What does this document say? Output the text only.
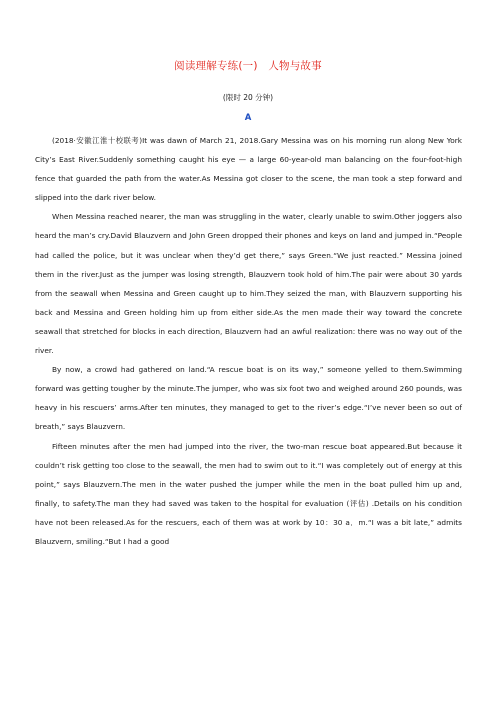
阅读理解专练(一)　人物与故事
(限时 20 分钟)
A

(2018·安徽江淮十校联考)It was dawn of March 21, 2018.Gary Messina was on his morning run along New York City’s East River.Suddenly something caught his eye — a large 60-year-old man balancing on the four-foot-high fence that guarded the path from the water.As Messina got closer to the scene, the man took a step forward and slipped into the dark river below.

When Messina reached nearer, the man was struggling in the water, clearly unable to swim.Other joggers also heard the man’s cry.David Blauzvern and John Green dropped their phones and keys on land and jumped in.“People had called the police, but it was unclear when they’d get there,” says Green.“We just reacted.” Messina joined them in the river.Just as the jumper was losing strength, Blauzvern took hold of him.The pair were about 30 yards from the seawall when Messina and Green caught up to him.They seized the man, with Blauzvern supporting his back and Messina and Green holding him up from either side.As the men made their way toward the concrete seawall that stretched for blocks in each direction, Blauzvern had an awful realization: there was no way out of the river.

By now, a crowd had gathered on land.“A rescue boat is on its way,” someone yelled to them.Swimming forward was getting tougher by the minute.The jumper, who was six foot two and weighed around 260 pounds, was heavy in his rescuers’ arms.After ten minutes, they managed to get to the river’s edge.“I’ve never been so out of breath,” says Blauzvern.

Fifteen minutes after the men had jumped into the river, the two-man rescue boat appeared.But because it couldn’t risk getting too close to the seawall, the men had to swim out to it.“I was completely out of energy at this point,” says Blauzvern.The men in the water pushed the jumper while the men in the boat pulled him up and, finally, to safety.The man they had saved was taken to the hospital for evaluation (评估) .Details on his condition have not been released.As for the rescuers, each of them was at work by 10：30 a．m.“I was a bit late,” admits Blauzvern, smiling.“But I had a good
